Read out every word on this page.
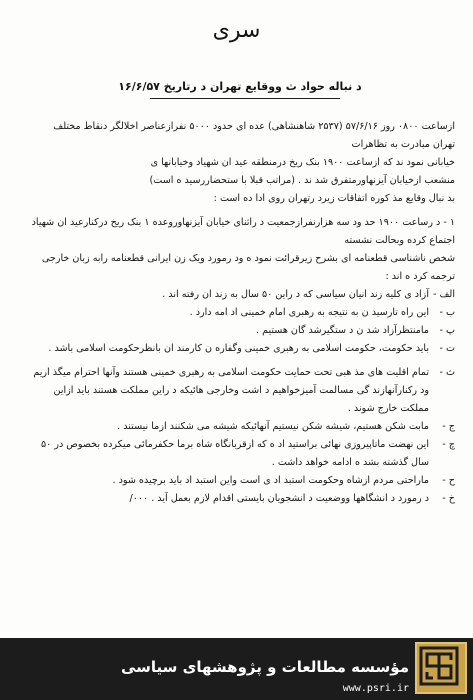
سری
د نباله حواد ث ووقایع تهران د رتاریخ ۱۶/۶/۵۷

ازساعت ۰۸۰۰ روز ۵۷/۶/۱۶ (۲۵۳۷ شاهنشاهی) عده ای حدود ۵۰۰۰ نفرازعناصر اخلالگر دنقاط مختلف تهران مبادرت به تظاهرات

خیابانی نمود ند که ازساعت ۱۹۰۰ بنک ریخ درمنطقه عید ان شهیاد وخیابانها ی

منشعب ازخیابان آیزنهاورمتفرق شد ند . (مراتب قبلا با ستحضاررسید ه است)

بد نبال وقایع مذ کوره اتفاقات زیرد رتهران روی ادا ده است :

۱ - د رساعت ۱۹۰۰ حد ود سه هزارنفرازجمعیت د راثنای خیابان آیزنهاوروعده ۱ بنک ریخ درکنارعید ان شهیاد اجتماع کرده وبحالت نشسته

شخص ناشناسی قطعنامه ای بشرح زیرقرائت نمود ه ود رمورد ویک زن ایرانی قطعنامه رابه زبان خارجی ترجمه کرد ه اند :

الف -
آزاد ی کلیه زند انیان سیاسی که د راین ۵۰ سال به زند ان رفته اند .
ب -
این راه تارسید ن به نتیجه به رهبری امام خمینی اد امه دارد .
پ -
مامنتظرآزاد شد ن د ستگیرشد گان هستیم .
ت -
باید حکومت، حکومت اسلامی به رهبری خمینی وگفاره ن کارمند ان بانظرحکومت اسلامی باشد .
ث -
تمام اقلیت های مذ هبی تحت حمایت حکومت اسلامی به رهبری خمینی هستند وآنها احترام میگذ اریم ود رکنارآنهازند گی مسالمت آمیزخواهیم د اشت وخارجی هائیکه د راین مملکت هستند باید ازاین مملکت خارج شوند .
ج -
مابت شکن هستیم، شیشه شکن نیستیم آنهائیکه شیشه می شکنند ازما نیستند .
چ -
این نهضت ماتاپیروزی نهائی براستید اد ه که ازقربانگاه شاه برما حکفرمائی میکرده بخصوص در ۵۰ سال گذشته بشد ه ادامه خواهد داشت .
ح -
ماراحتی مردم ازشاه وحکومت استبد اد ی است واین استبد اد باید برچیده شود .
خ -
د رمورد د انشگاهها ووضعیت د انشجویان بایستی اقدام لازم بعمل آید . ۰۰۰/
مؤسسه مطالعات و پژوهشهای سیاسی
www.psri.ir
